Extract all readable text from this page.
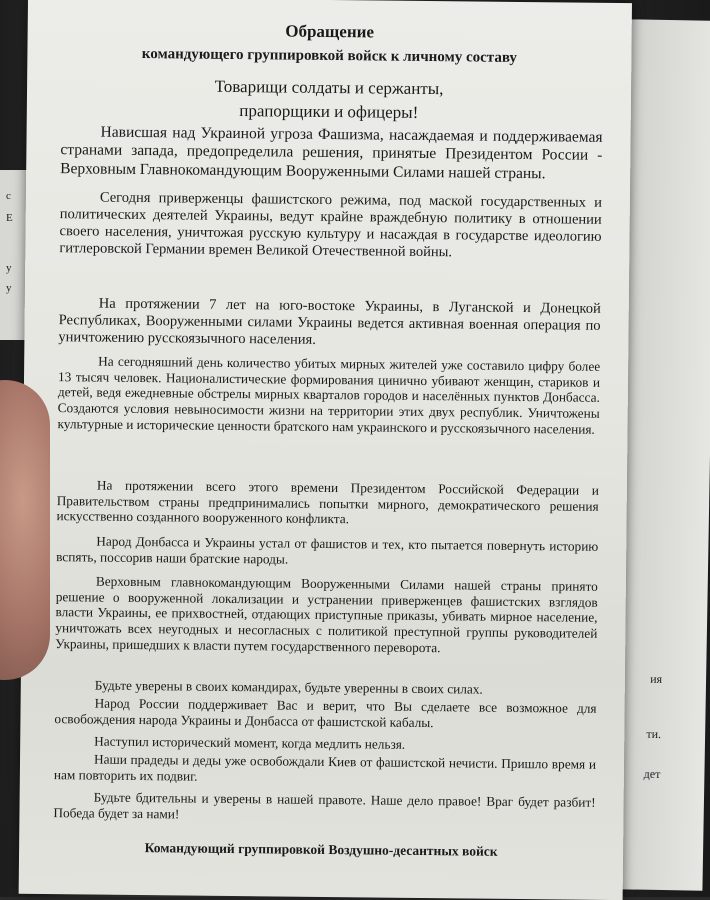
ия
ти.
дет
с
Е
у
у

Обращение

командующего группировкой войск к личному составу

Товарищи солдаты и сержанты,

прапорщики и офицеры!

Нависшая над Украиной угроза Фашизма, насаждаемая и поддерживаемая странами запада, предопределила решения, принятые Президентом России - Верховным Главнокомандующим Вооруженными Силами нашей страны.

Сегодня приверженцы фашистского режима, под маской государственных и политических деятелей Украины, ведут крайне враждебную политику в отношении своего населения, уничтожая русскую культуру и насаждая в государстве идеологию гитлеровской Германии времен Великой Отечественной войны.

На протяжении 7 лет на юго-востоке Украины, в Луганской и Донецкой Республиках, Вооруженными силами Украины ведется активная военная операция по уничтожению русскоязычного населения.

На сегодняшний день количество убитых мирных жителей уже составило цифру более 13 тысяч человек. Националистические формирования цинично убивают женщин, стариков и детей, ведя ежедневные обстрелы мирных кварталов городов и населённых пунктов Донбасса. Создаются условия невыносимости жизни на территории этих двух республик. Уничтожены культурные и исторические ценности братского нам украинского и русскоязычного населения.

На протяжении всего этого времени Президентом Российской Федерации и Правительством страны предпринимались попытки мирного, демократического решения искусственно созданного вооруженного конфликта.

Народ Донбасса и Украины устал от фашистов и тех, кто пытается повернуть историю вспять, поссорив наши братские народы.

Верховным главнокомандующим Вооруженными Силами нашей страны принято решение о вооруженной локализации и устранении приверженцев фашистских взглядов власти Украины, ее прихвостней, отдающих приступные приказы, убивать мирное население, уничтожать всех неугодных и несогласных с политикой преступной группы руководителей Украины, пришедших к власти путем государственного переворота.

Будьте уверены в своих командирах, будьте уверенны в своих силах.

Народ России поддерживает Вас и верит, что Вы сделаете все возможное для освобождения народа Украины и Донбасса от фашистской кабалы.

Наступил исторический момент, когда медлить нельзя.

Наши прадеды и деды уже освобождали Киев от фашистской нечисти. Пришло время и нам повторить их подвиг.

Будьте бдительны и уверены в нашей правоте. Наше дело правое! Враг будет разбит! Победа будет за нами!

Командующий группировкой Воздушно-десантных войск
